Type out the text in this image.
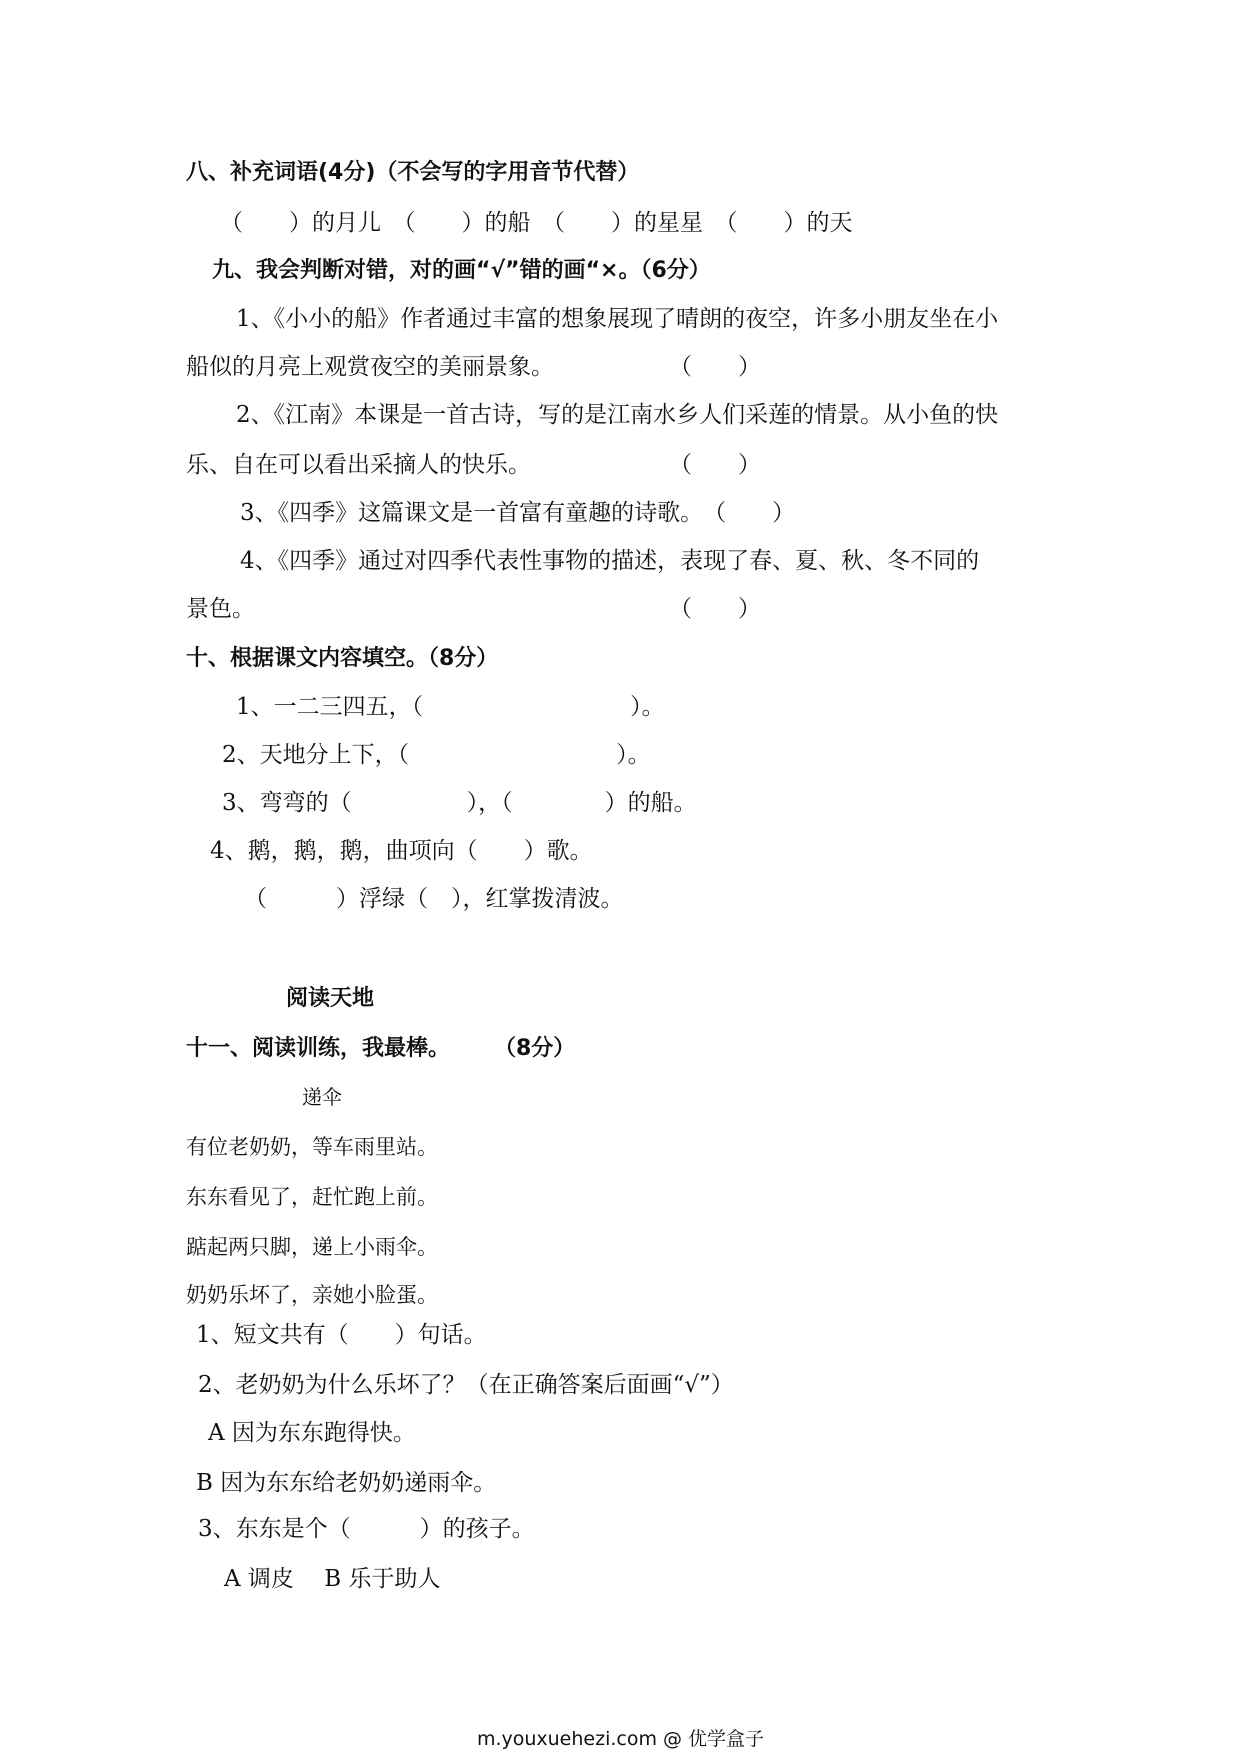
八、补充词语(4分)（不会写的字用音节代替）
（　　）的月儿　（　　）的船　（　　）的星星　（　　）的天
九、我会判断对错，对的画“√”错的画“×。（6分）
1、《小小的船》作者通过丰富的想象展现了晴朗的夜空，许多小朋友坐在小
船似的月亮上观赏夜空的美丽景象。　　　　　　（　　）
2、《江南》本课是一首古诗，写的是江南水乡人们采莲的情景。从小鱼的快
乐、自在可以看出采摘人的快乐。　　　　　　　（　　）
3、《四季》这篇课文是一首富有童趣的诗歌。　（　　）
4、《四季》通过对四季代表性事物的描述，表现了春、夏、秋、冬不同的
景色。　　　　　　　　　　　　　　　　　　　（　　）
十、根据课文内容填空。（8分）
1、一二三四五，（　　　　　　　　　）。
2、天地分上下，（　　　　　　　　　）。
3、弯弯的（　　　　　），（　　　　）的船。
4、鹅，鹅，鹅，曲项向（　　）歌。
（　　　）浮绿（　），红掌拨清波。
阅读天地
十一、阅读训练，我最棒。　　　（8分）
递伞
有位老奶奶，等车雨里站。
东东看见了，赶忙跑上前。
踮起两只脚，递上小雨伞。
奶奶乐坏了，亲她小脸蛋。
1、短文共有（　　）句话。
2、老奶奶为什么乐坏了？（在正确答案后面画“√”）
A 因为东东跑得快。
B 因为东东给老奶奶递雨伞。
3、东东是个（　　　）的孩子。
A 调皮　 B 乐于助人
m.youxuehezi.com @ 优学盒子
